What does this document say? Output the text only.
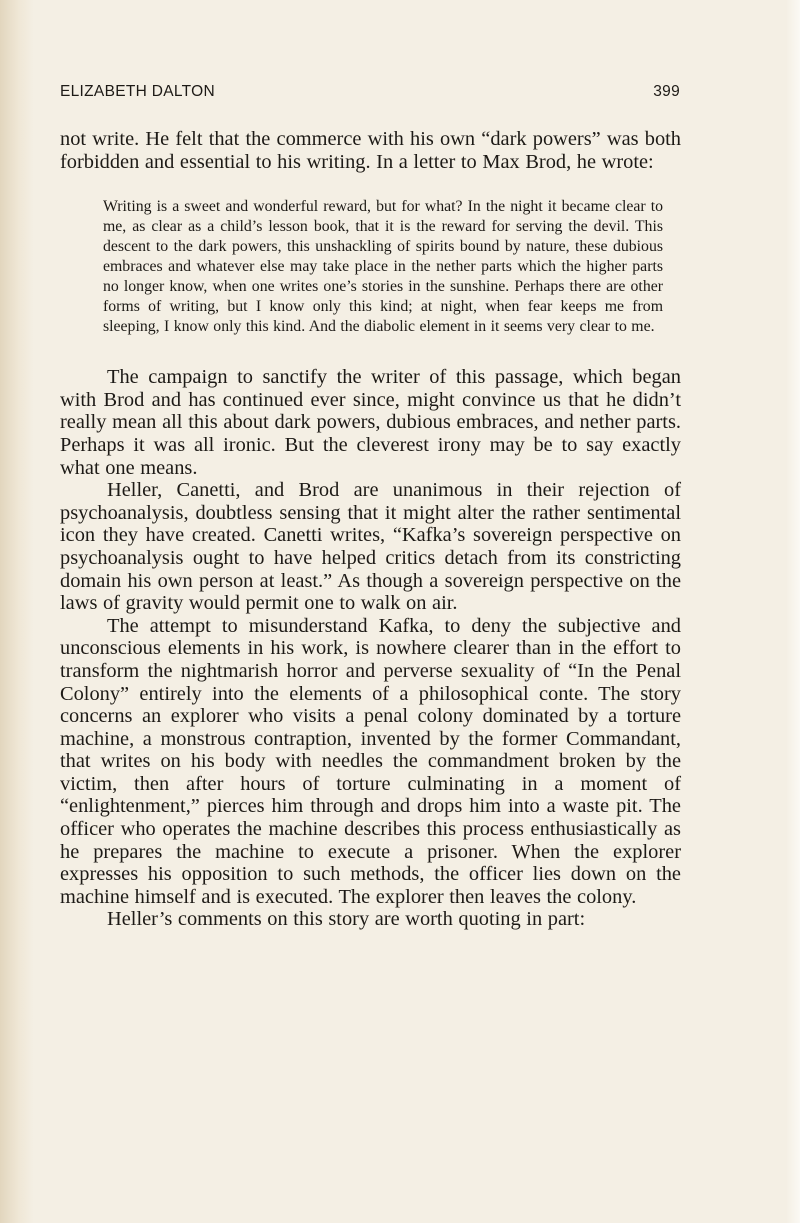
ELIZABETH DALTON	399

not write. He felt that the commerce with his own “dark powers” was both forbidden and essential to his writing. In a letter to Max Brod, he wrote:

Writing is a sweet and wonderful reward, but for what? In the night it became clear to me, as clear as a child’s lesson book, that it is the reward for serving the devil. This descent to the dark powers, this unshackling of spirits bound by nature, these dubious embraces and whatever else may take place in the nether parts which the higher parts no longer know, when one writes one’s stories in the sunshine. Perhaps there are other forms of writing, but I know only this kind; at night, when fear keeps me from sleeping, I know only this kind. And the diabolic element in it seems very clear to me.

The campaign to sanctify the writer of this passage, which began with Brod and has continued ever since, might convince us that he didn’t really mean all this about dark powers, dubious embraces, and nether parts. Perhaps it was all ironic. But the cleverest irony may be to say exactly what one means.

Heller, Canetti, and Brod are unanimous in their rejection of psychoanalysis, doubtless sensing that it might alter the rather sentimental icon they have created. Canetti writes, “Kafka’s sovereign perspective on psychoanalysis ought to have helped critics detach from its constricting domain his own person at least.” As though a sovereign perspective on the laws of gravity would permit one to walk on air.

The attempt to misunderstand Kafka, to deny the subjective and unconscious elements in his work, is nowhere clearer than in the effort to transform the nightmarish horror and perverse sexuality of “In the Penal Colony” entirely into the elements of a philosophical conte. The story concerns an explorer who visits a penal colony dominated by a torture machine, a monstrous contraption, invented by the former Commandant, that writes on his body with needles the commandment broken by the victim, then after hours of torture culminating in a moment of “enlightenment,” pierces him through and drops him into a waste pit. The officer who operates the machine describes this process enthusiastically as he prepares the machine to execute a prisoner. When the explorer expresses his opposition to such methods, the officer lies down on the machine himself and is executed. The explorer then leaves the colony.

Heller’s comments on this story are worth quoting in part:
